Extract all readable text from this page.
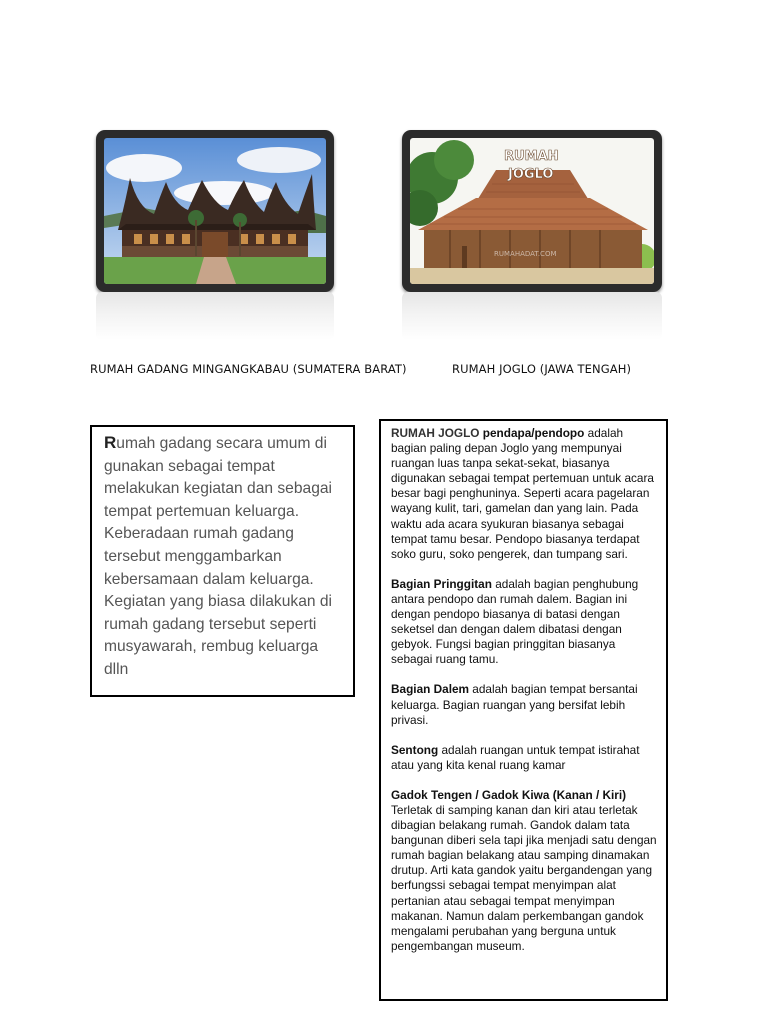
RUMAH
JOGLO
RUMAHADAT.COM
RUMAH GADANG MINGANGKABAU (SUMATERA BARAT)	RUMAH JOGLO (JAWA TENGAH)

Rumah gadang secara umum di gunakan sebagai tempat melakukan kegiatan dan sebagai tempat pertemuan keluarga. Keberadaan rumah gadang tersebut menggambarkan kebersamaan dalam keluarga. Kegiatan yang biasa dilakukan di rumah gadang tersebut seperti musyawarah, rembug keluarga dlln

RUMAH JOGLO pendapa/pendopo adalah bagian paling depan Joglo yang mempunyai ruangan luas tanpa sekat-sekat, biasanya digunakan sebagai tempat pertemuan untuk acara besar bagi penghuninya. Seperti acara pagelaran wayang kulit, tari, gamelan dan yang lain. Pada waktu ada acara syukuran biasanya sebagai tempat tamu besar. Pendopo biasanya terdapat soko guru, soko pengerek, dan tumpang sari.

Bagian Pringgitan adalah bagian penghubung antara pendopo dan rumah dalem. Bagian ini dengan pendopo biasanya di batasi dengan seketsel dan dengan dalem dibatasi dengan gebyok. Fungsi bagian pringgitan biasanya sebagai ruang tamu.

Bagian Dalem adalah bagian tempat bersantai keluarga. Bagian ruangan yang bersifat lebih privasi.

Sentong adalah ruangan untuk tempat istirahat atau yang kita kenal ruang kamar

Gadok Tengen / Gadok Kiwa (Kanan / Kiri)
Terletak di samping kanan dan kiri atau terletak dibagian belakang rumah. Gandok dalam tata bangunan diberi sela tapi jika menjadi satu dengan rumah bagian belakang atau samping dinamakan drutup. Arti kata gandok yaitu bergandengan yang berfungssi sebagai tempat menyimpan alat pertanian atau sebagai tempat menyimpan makanan. Namun dalam perkembangan gandok mengalami perubahan yang berguna untuk pengembangan museum.
